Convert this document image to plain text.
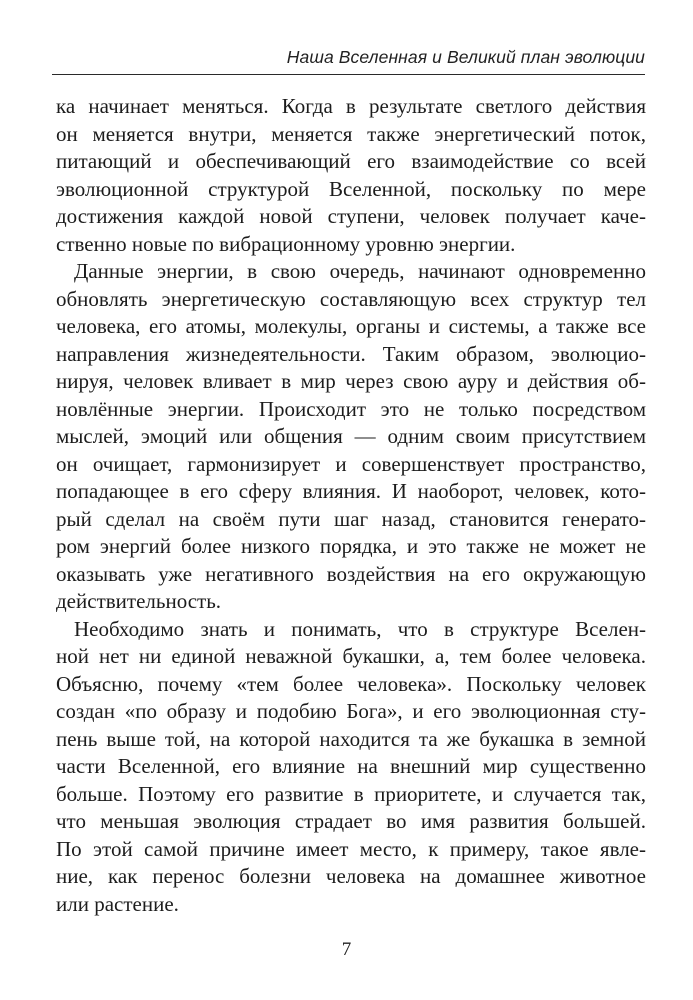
Наша Вселенная и Великий план эволюции

ка начинает меняться. Когда в результате светлого действия
он меняется внутри, меняется также энергетический поток,
питающий и обеспечивающий его взаимодействие со всей
эволюционной структурой Вселенной, поскольку по мере
достижения каждой новой ступени, человек получает каче-
ственно новые по вибрационному уровню энергии.

Данные энергии, в свою очередь, начинают одновременно
обновлять энергетическую составляющую всех структур тел
человека, его атомы, молекулы, органы и системы, а также все
направления жизнедеятельности. Таким образом, эволюцио-
нируя, человек вливает в мир через свою ауру и действия об-
новлённые энергии. Происходит это не только посредством
мыслей, эмоций или общения — одним своим присутствием
он очищает, гармонизирует и совершенствует пространство,
попадающее в его сферу влияния. И наоборот, человек, кото-
рый сделал на своём пути шаг назад, становится генерато-
ром энергий более низкого порядка, и это также не может не
оказывать уже негативного воздействия на его окружающую
действительность.

Необходимо знать и понимать, что в структуре Вселен-
ной нет ни единой неважной букашки, а, тем более человека.
Объясню, почему «тем более человека». Поскольку человек
создан «по образу и подобию Бога», и его эволюционная сту-
пень выше той, на которой находится та же букашка в земной
части Вселенной, его влияние на внешний мир существенно
больше. Поэтому его развитие в приоритете, и случается так,
что меньшая эволюция страдает во имя развития большей.
По этой самой причине имеет место, к примеру, такое явле-
ние, как перенос болезни человека на домашнее животное
или растение.

7
